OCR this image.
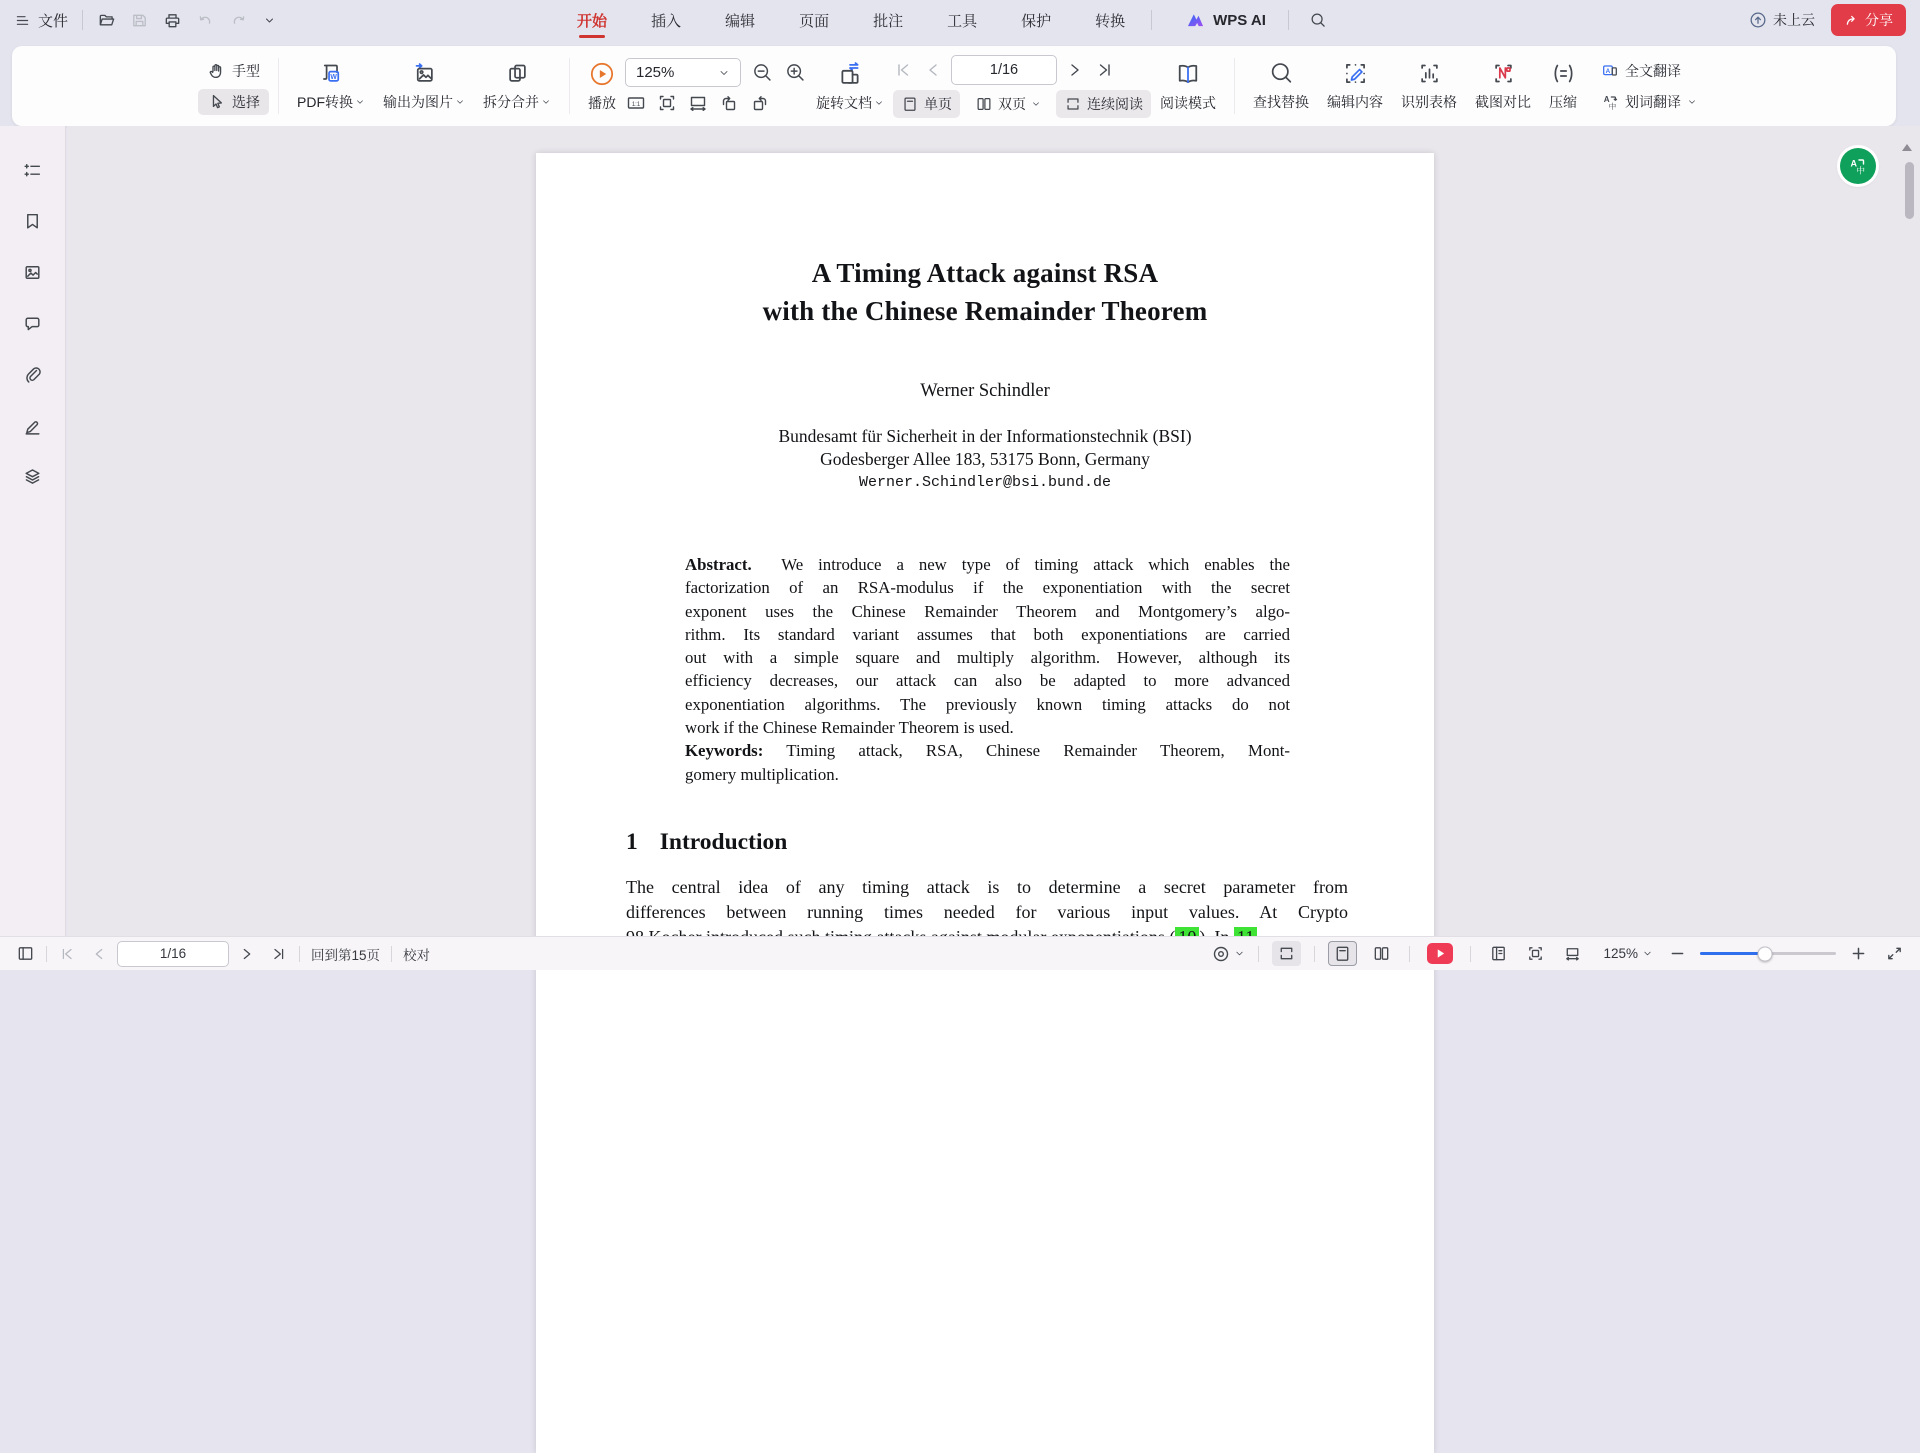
文件	开始	插入	编辑	页面	批注	工具	保护	转换	WPS AI	未上云	分享
手型
选择
W
PDF转换 输出为图片 拆分合并	播放
125%
1:1	旋转文档
1/16
单页	双页	连续阅读 阅读模式	查找替换 编辑内容 识别表格 截图对比 压缩
A 全文翻译
A
中 划词翻译
A Timing Attack against RSA
with the Chinese Remainder Theorem
Werner Schindler
Bundesamt für Sicherheit in der Informationstechnik (BSI)
Godesberger Allee 183, 53175 Bonn, Germany
Werner.Schindler@bsi.bund.de
Abstract. We introduce a new type of timing attack which enables the
factorization of an RSA-modulus if the exponentiation with the secret
exponent uses the Chinese Remainder Theorem and Montgomery’s algo-
rithm. Its standard variant assumes that both exponentiations are carried
out with a simple square and multiply algorithm. However, although its
efficiency decreases, our attack can also be adapted to more advanced
exponentiation algorithms. The previously known timing attacks do not
work if the Chinese Remainder Theorem is used.
Keywords: Timing attack, RSA, Chinese Remainder Theorem, Mont-
gomery multiplication.
1 Introduction
The central idea of any timing attack is to determine a secret parameter from
differences between running times needed for various input values. At Crypto
A
中
1/16	回到第15页 校对	125%
